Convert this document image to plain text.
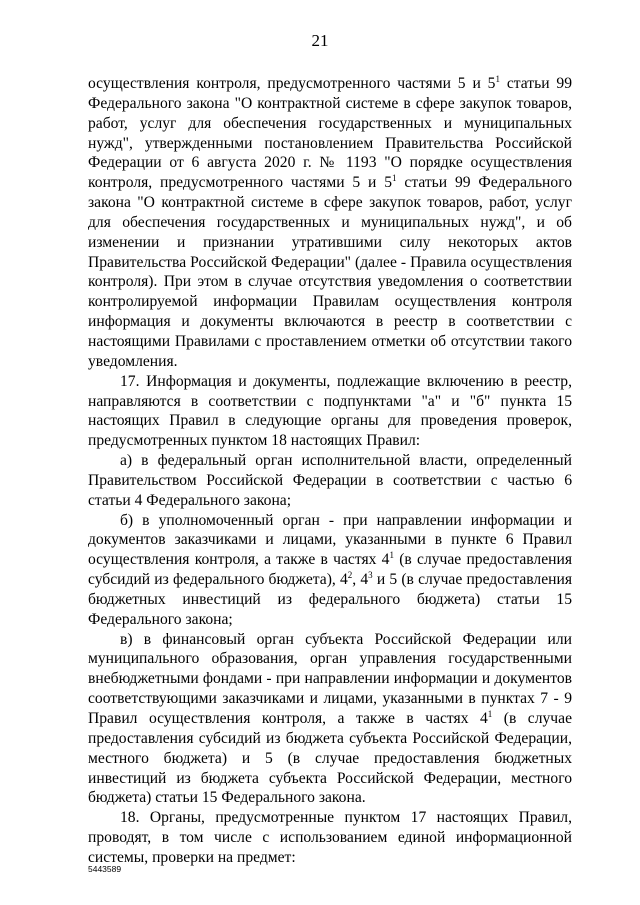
21

осуществления контроля, предусмотренного частями 5 и $5^1$ статьи 99 Федерального закона "О контрактной системе в сфере закупок товаров, работ, услуг для обеспечения государственных и муниципальных нужд", утвержденными постановлением Правительства Российской Федерации от 6 августа 2020 г. № 1193 "О порядке осуществления контроля, предусмотренного частями 5 и $5^1$ статьи 99 Федерального закона "О контрактной системе в сфере закупок товаров, работ, услуг для обеспечения государственных и муниципальных нужд", и об изменении и признании утратившими силу некоторых актов Правительства Российской Федерации" (далее - Правила осуществления контроля). При этом в случае отсутствия уведомления о соответствии контролируемой информации Правилам осуществления контроля информация и документы включаются в реестр в соответствии с настоящими Правилами с проставлением отметки об отсутствии такого уведомления.

17. Информация и документы, подлежащие включению в реестр, направляются в соответствии с подпунктами "а" и "б" пункта 15 настоящих Правил в следующие органы для проведения проверок, предусмотренных пунктом 18 настоящих Правил:

а) в федеральный орган исполнительной власти, определенный Правительством Российской Федерации в соответствии с частью 6 статьи 4 Федерального закона;

б) в уполномоченный орган - при направлении информации и документов заказчиками и лицами, указанными в пункте 6 Правил осуществления контроля, а также в частях $4^1$ (в случае предоставления субсидий из федерального бюджета), $4^2$, $4^3$ и 5 (в случае предоставления бюджетных инвестиций из федерального бюджета) статьи 15 Федерального закона;

в) в финансовый орган субъекта Российской Федерации или муниципального образования, орган управления государственными внебюджетными фондами - при направлении информации и документов соответствующими заказчиками и лицами, указанными в пунктах 7 - 9 Правил осуществления контроля, а также в частях $4^1$ (в случае предоставления субсидий из бюджета субъекта Российской Федерации, местного бюджета) и 5 (в случае предоставления бюджетных инвестиций из бюджета субъекта Российской Федерации, местного бюджета) статьи 15 Федерального закона.

18. Органы, предусмотренные пунктом 17 настоящих Правил, проводят, в том числе с использованием единой информационной системы, проверки на предмет:

5443589
